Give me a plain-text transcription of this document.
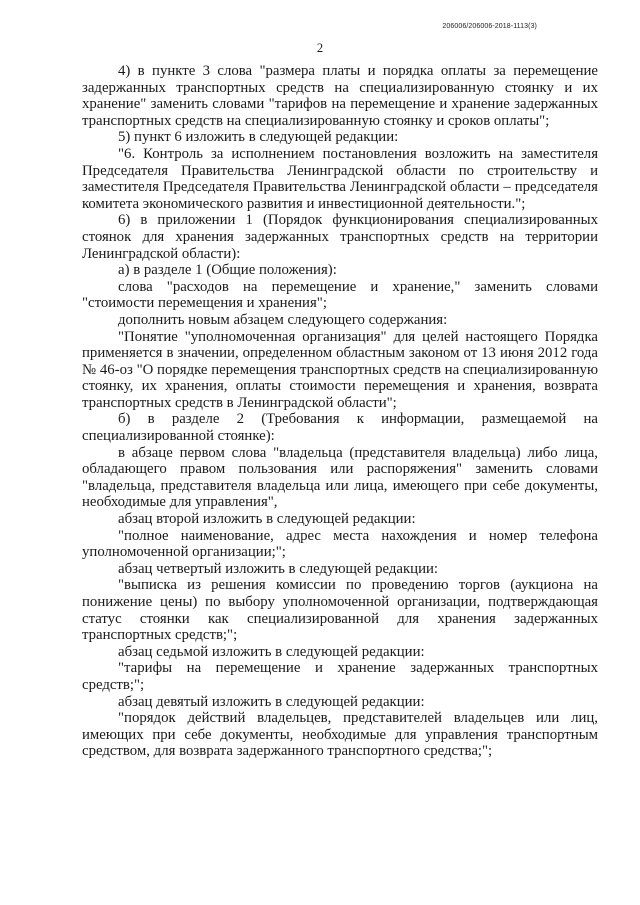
206006/206006-2018-1113(3)
2

4) в пункте 3 слова "размера платы и порядка оплаты за перемещение задержанных транспортных средств на специализированную стоянку и их хранение" заменить словами "тарифов на перемещение и хранение задержанных транспортных средств на специализированную стоянку и сроков оплаты";

5) пункт 6 изложить в следующей редакции:

"6. Контроль за исполнением постановления возложить на заместителя Председателя Правительства Ленинградской области по строительству и заместителя Председателя Правительства Ленинградской области – председателя комитета экономического развития и инвестиционной деятельности.";

6) в приложении 1 (Порядок функционирования специализированных стоянок для хранения задержанных транспортных средств на территории Ленинградской области):

а) в разделе 1 (Общие положения):

слова "расходов на перемещение и хранение," заменить словами "стоимости перемещения и хранения";

дополнить новым абзацем следующего содержания:

"Понятие "уполномоченная организация" для целей настоящего Порядка применяется в значении, определенном областным законом от 13 июня 2012 года № 46-оз "О порядке перемещения транспортных средств на специализированную стоянку, их хранения, оплаты стоимости перемещения и хранения, возврата транспортных средств в Ленинградской области";

б) в разделе 2 (Требования к информации, размещаемой на специализированной стоянке):

в абзаце первом слова "владельца (представителя владельца) либо лица, обладающего правом пользования или распоряжения" заменить словами "владельца, представителя владельца или лица, имеющего при себе документы, необходимые для управления",

абзац второй изложить в следующей редакции:

"полное наименование, адрес места нахождения и номер телефона уполномоченной организации;";

абзац четвертый изложить в следующей редакции:

"выписка из решения комиссии по проведению торгов (аукциона на понижение цены) по выбору уполномоченной организации, подтверждающая статус стоянки как специализированной для хранения задержанных транспортных средств;";

абзац седьмой изложить в следующей редакции:

"тарифы на перемещение и хранение задержанных транспортных средств;";

абзац девятый изложить в следующей редакции:

"порядок действий владельцев, представителей владельцев или лиц, имеющих при себе документы, необходимые для управления транспортным средством, для возврата задержанного транспортного средства;";
